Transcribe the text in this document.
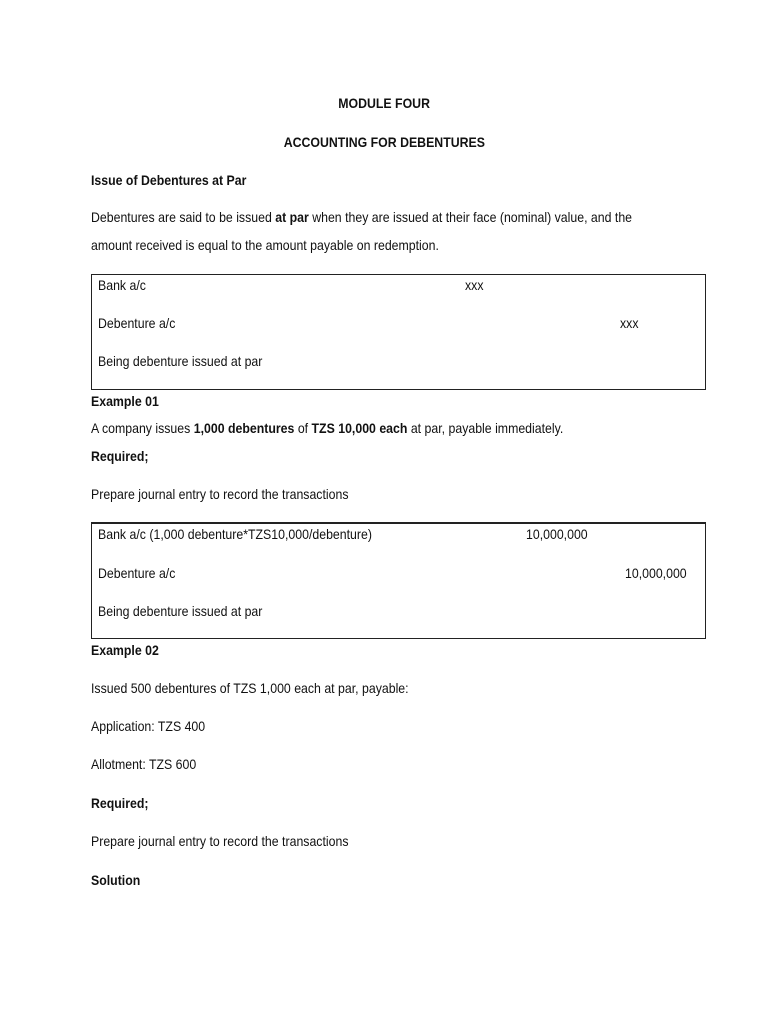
MODULE FOUR
ACCOUNTING FOR DEBENTURES
Issue of Debentures at Par
Debentures are said to be issued at par when they are issued at their face (nominal) value, and the
amount received is equal to the amount payable on redemption.
Bank a/c	xxx
Debenture a/c	xxx
Being debenture issued at par
Example 01
A company issues 1,000 debentures of TZS 10,000 each at par, payable immediately.
Required;
Prepare journal entry to record the transactions
Bank a/c (1,000 debenture*TZS10,000/debenture)	10,000,000
Debenture a/c	10,000,000
Being debenture issued at par
Example 02
Issued 500 debentures of TZS 1,000 each at par, payable:
Application: TZS 400
Allotment: TZS 600
Required;
Prepare journal entry to record the transactions
Solution
